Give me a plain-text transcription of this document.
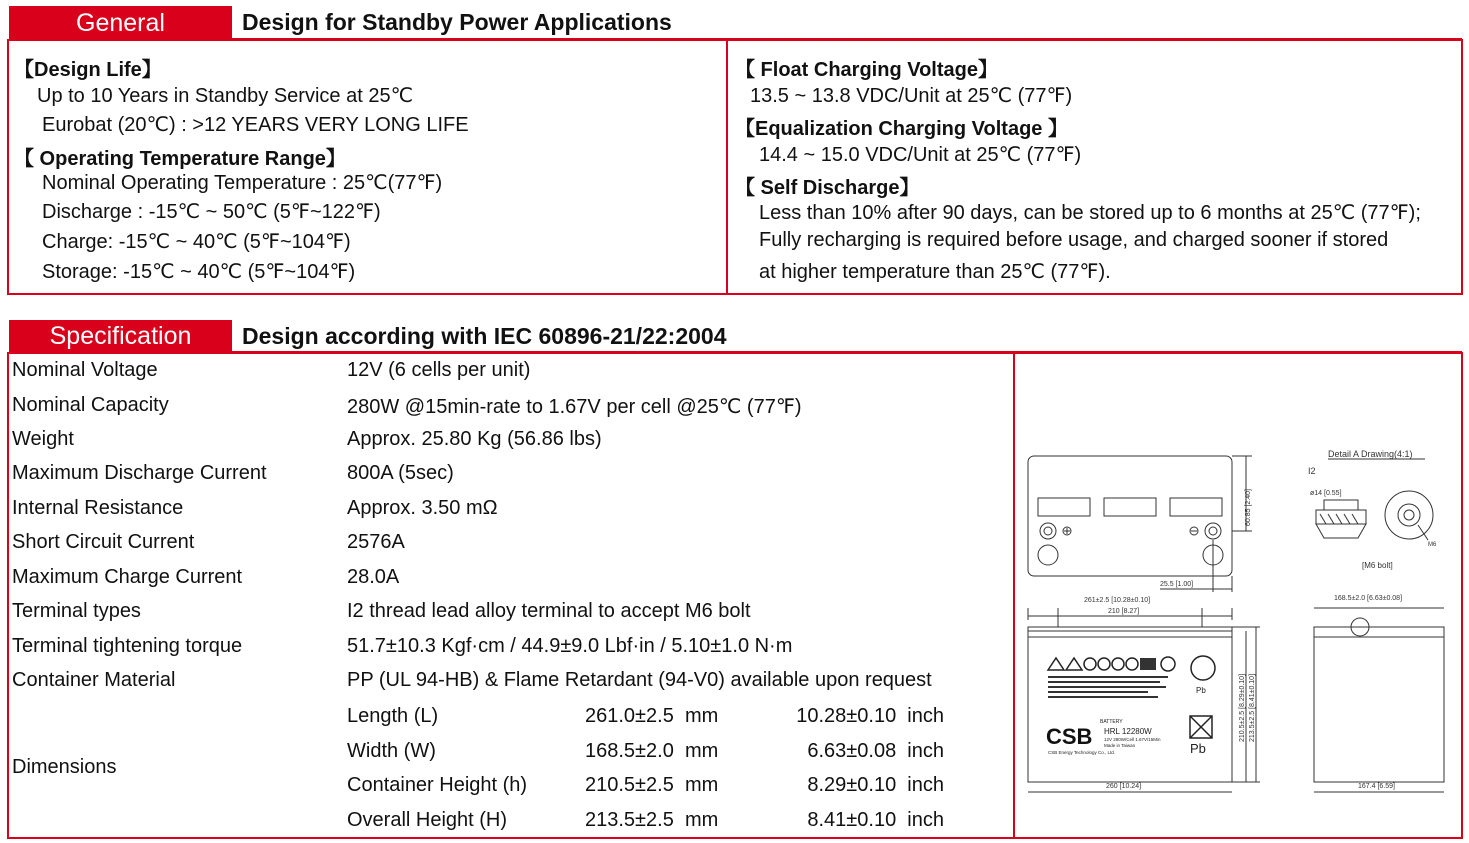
General	Design for Standby Power Applications
【Design Life】
Up to 10 Years in Standby Service at 25℃
Eurobat (20℃) : >12 YEARS VERY LONG LIFE
【 Operating Temperature Range】
Nominal Operating Temperature : 25℃(77℉)
Discharge : -15℃ ~ 50℃ (5℉~122℉)
Charge: -15℃ ~ 40℃ (5℉~104℉)
Storage: -15℃ ~ 40℃ (5℉~104℉)
【 Float Charging Voltage】
13.5 ~ 13.8 VDC/Unit at 25℃ (77℉)
【Equalization Charging Voltage 】
14.4 ~ 15.0 VDC/Unit at 25℃ (77℉)
【 Self Discharge】
Less than 10% after 90 days, can be stored up to 6 months at 25℃ (77℉);
Fully recharging is required before usage, and charged sooner if stored
at higher temperature than 25℃ (77℉).
Specification Design according with IEC 60896-21/22:2004
Nominal Voltage	12V (6 cells per unit)
Nominal Capacity	280W @15min-rate to 1.67V per cell @25℃ (77℉)
Weight	Approx. 25.80 Kg (56.86 lbs)
Maximum Discharge Current	800A (5sec)
Internal Resistance	Approx. 3.50 mΩ
Short Circuit Current	2576A
Maximum Charge Current	28.0A
Terminal types	I2 thread lead alloy terminal to accept M6 bolt
Terminal tightening torque	51.7±10.3 Kgf·cm / 44.9±9.0 Lbf·in / 5.10±1.0 N·m
Container Material	PP (UL 94-HB) & Flame Retardant (94-V0) available upon request
Dimensions
Length (L)	261.0±2.5  mm	10.28±0.10  inch
Width (W)	168.5±2.0  mm	6.63±0.08  inch
Container Height (h)	210.5±2.5  mm	8.29±0.10  inch
Overall Height (H)	213.5±2.5  mm	8.41±0.10  inch
Detail A Drawing(4:1)
I2
ø14 [0.55]
M6
[M6 bolt]
60.85 [2.40]
25.5 [1.00]
261±2.5 [10.28±0.10]
210 [8.27]
168.5±2.0 [6.63±0.08]
210.5±2.5 [8.29±0.10] 213.5±2.5 [8.41±0.10]
260 [10.24]	167.4 [6.59]
BATTERY
HRL 12280W
12V 280W/Cell 1.67V/15Min
Made in Taiwan
CSB
CSB Energy Technology Co., Ltd.
Pb
Pb
